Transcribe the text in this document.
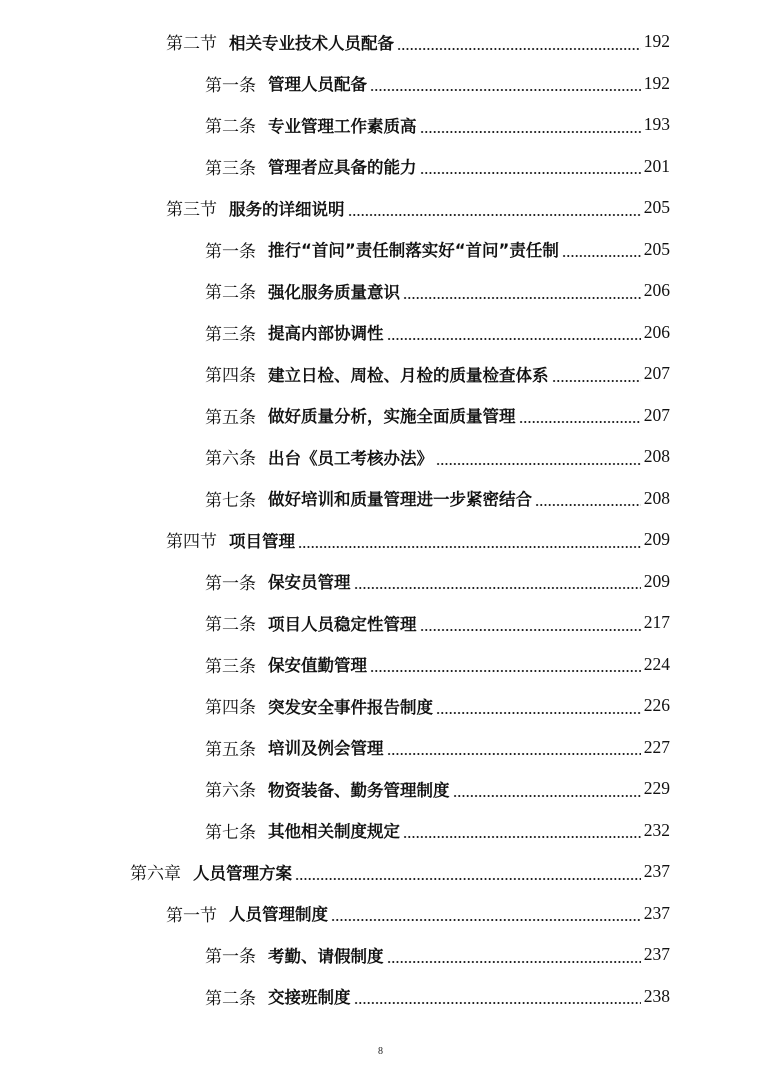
第二节 相关专业技术人员配备	192
第一条 管理人员配备	192
第二条 专业管理工作素质高	193
第三条 管理者应具备的能力	201
第三节 服务的详细说明	205
第一条 推行“首问”责任制落实好“首问”责任制	205
第二条 强化服务质量意识	206
第三条 提高内部协调性	206
第四条 建立日检、周检、月检的质量检查体系	207
第五条 做好质量分析，实施全面质量管理	207
第六条 出台《员工考核办法》	208
第七条 做好培训和质量管理进一步紧密结合	208
第四节 项目管理	209
第一条 保安员管理	209
第二条 项目人员稳定性管理	217
第三条 保安值勤管理	224
第四条 突发安全事件报告制度	226
第五条 培训及例会管理	227
第六条 物资装备、勤务管理制度	229
第七条 其他相关制度规定	232
第六章 人员管理方案	237
第一节 人员管理制度	237
第一条 考勤、请假制度	237
第二条 交接班制度	238
8
